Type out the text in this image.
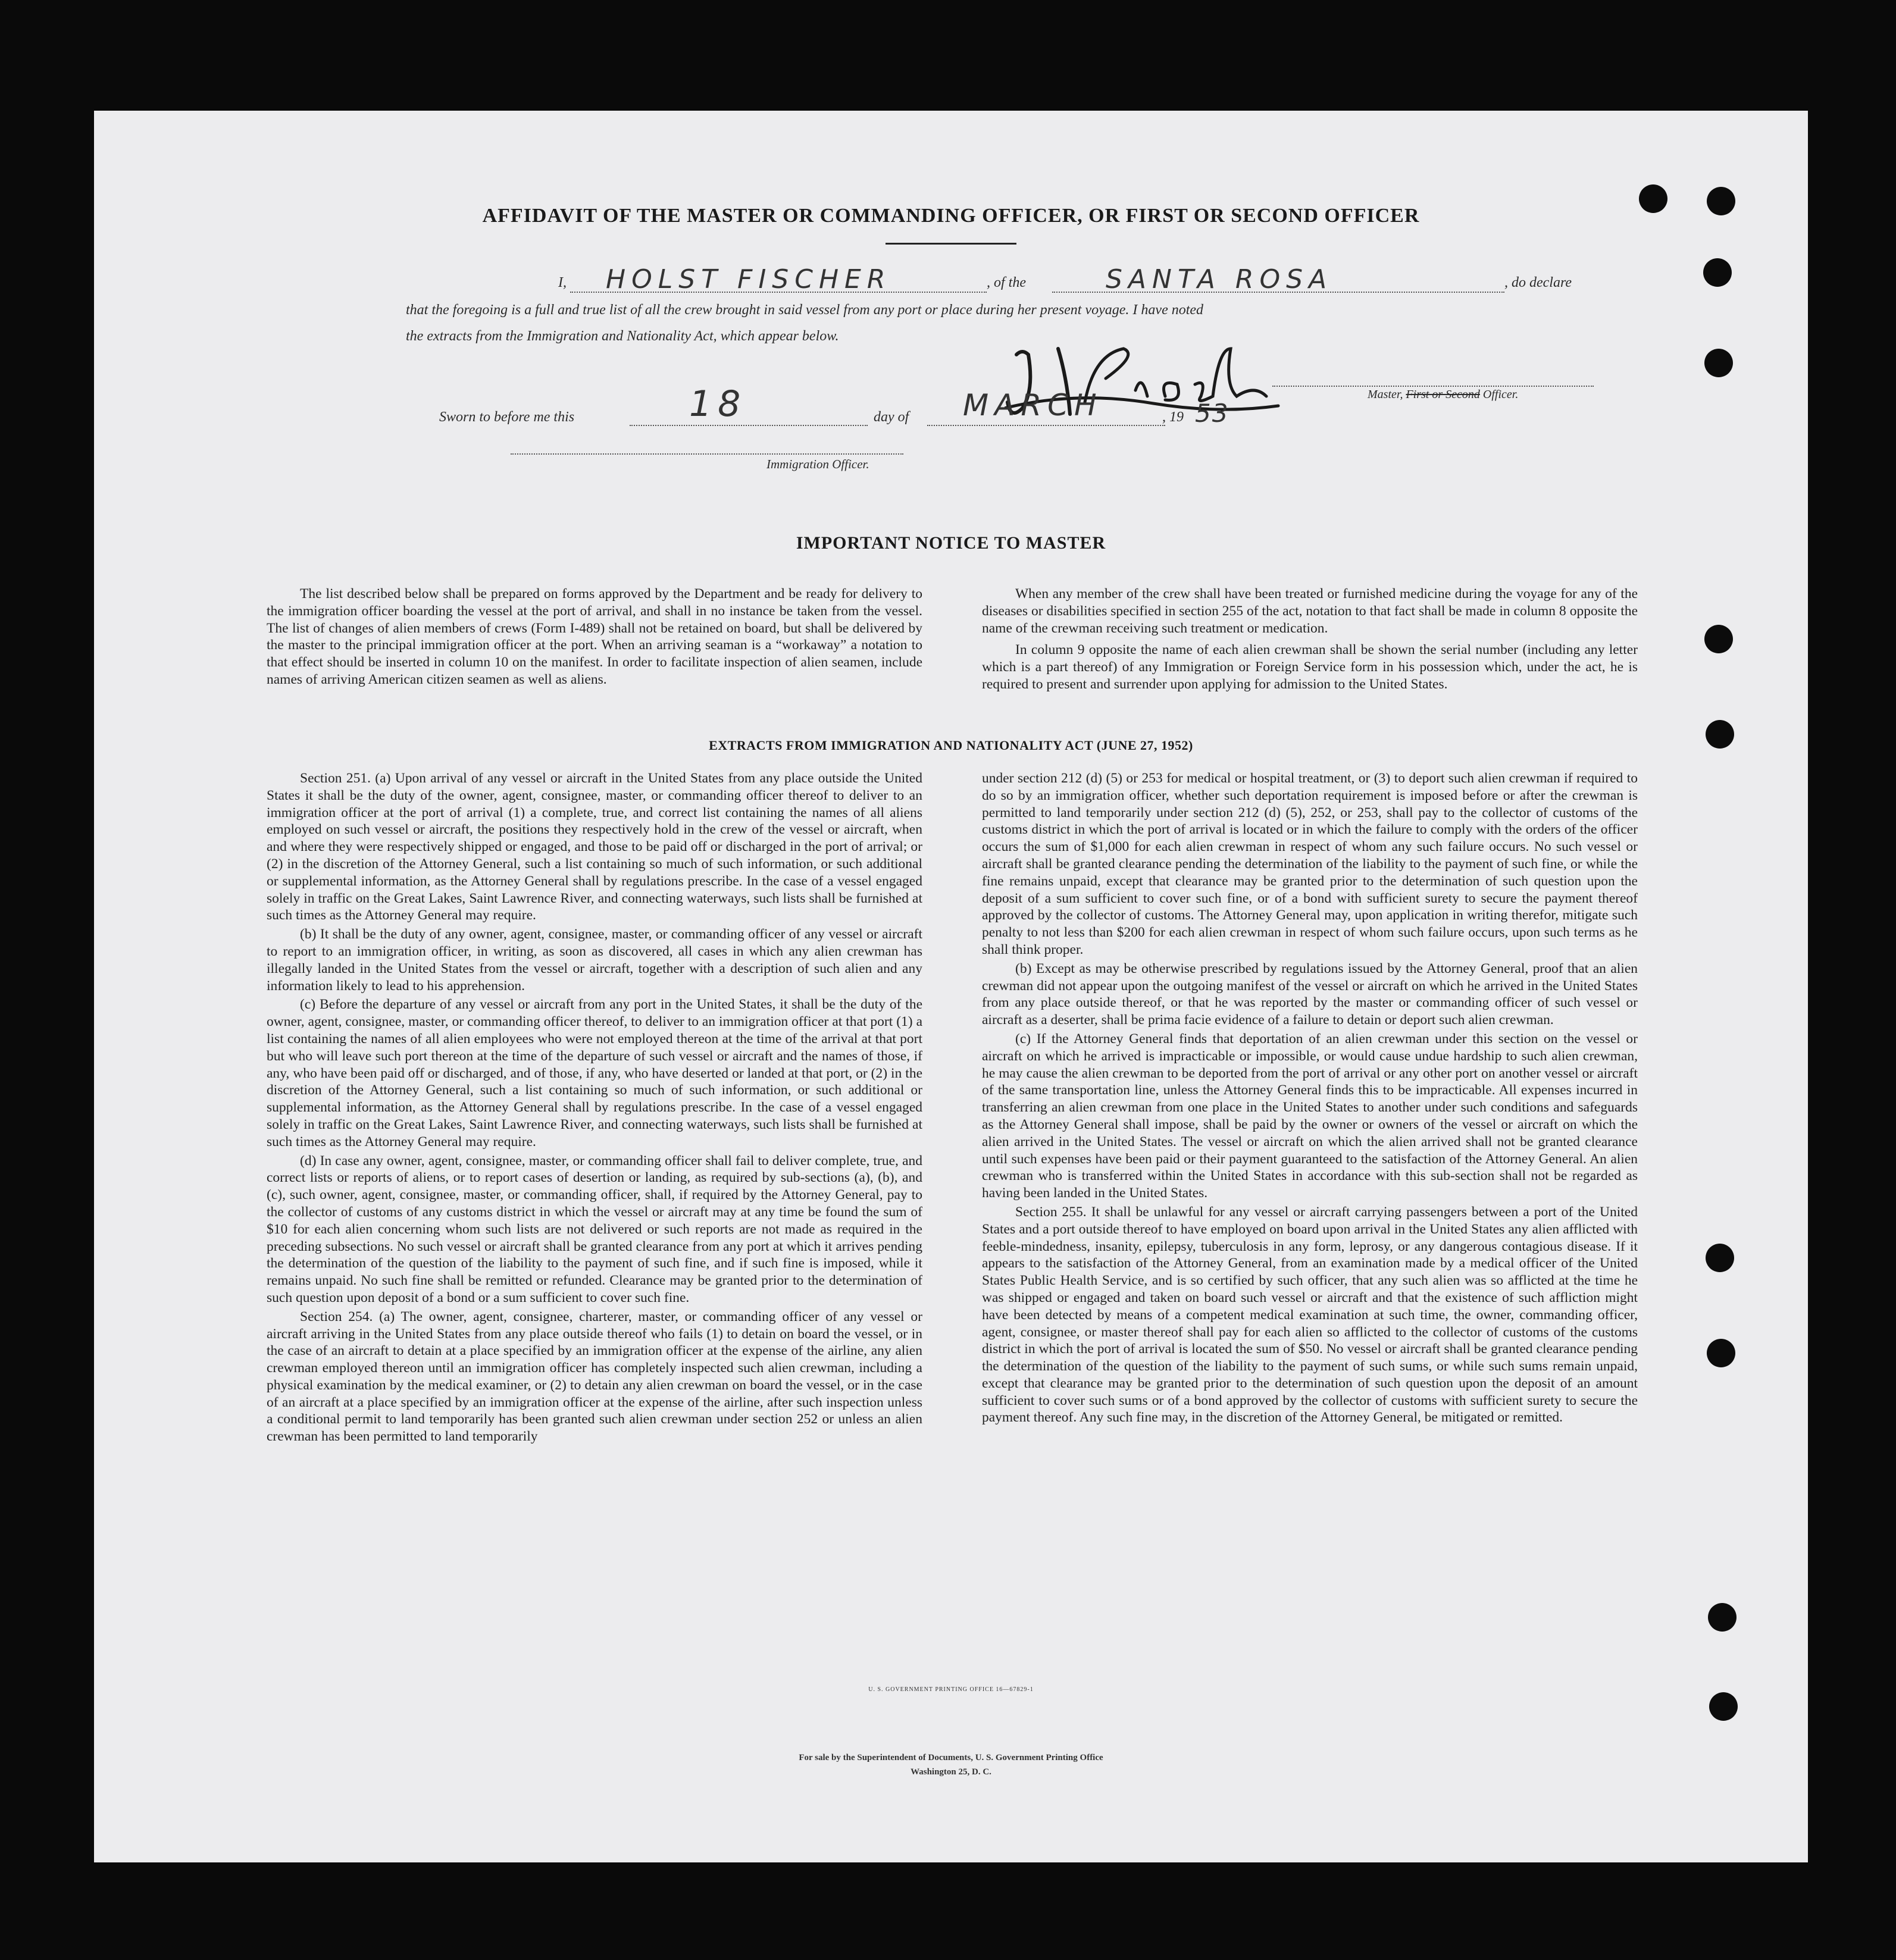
AFFIDAVIT OF THE MASTER OR COMMANDING OFFICER, OR FIRST OR SECOND OFFICER
I, HOLST FISCHER	, of the	SANTA ROSA	, do declare
that the foregoing is a full and true list of all the crew brought in said vessel from any port or place during her present voyage. I have noted
the extracts from the Immigration and Nationality Act, which appear below.
Master, First or Second Officer.
Sworn to before me this	18	day of MARCH	, 19 53
Immigration Officer.
IMPORTANT NOTICE TO MASTER

The list described below shall be prepared on forms approved by the Department and be ready for delivery to the immigration officer boarding the vessel at the port of arrival, and shall in no instance be taken from the vessel. The list of changes of alien members of crews (Form I-489) shall not be retained on board, but shall be delivered by the master to the principal immigration officer at the port. When an arriving seaman is a “workaway” a notation to that effect should be inserted in column 10 on the manifest. In order to facilitate inspection of alien seamen, include names of arriving American citizen seamen as well as aliens.

When any member of the crew shall have been treated or furnished medicine during the voyage for any of the diseases or disabilities specified in section 255 of the act, notation to that fact shall be made in column 8 opposite the name of the crewman receiving such treatment or medication.

In column 9 opposite the name of each alien crewman shall be shown the serial number (including any letter which is a part thereof) of any Immigration or Foreign Service form in his possession which, under the act, he is required to present and surrender upon applying for admission to the United States.

EXTRACTS FROM IMMIGRATION AND NATIONALITY ACT (JUNE 27, 1952)

Section 251. (a) Upon arrival of any vessel or aircraft in the United States from any place outside the United States it shall be the duty of the owner, agent, consignee, master, or commanding officer thereof to deliver to an immigration officer at the port of arrival (1) a complete, true, and correct list containing the names of all aliens employed on such vessel or aircraft, the positions they respectively hold in the crew of the vessel or aircraft, when and where they were respectively shipped or engaged, and those to be paid off or discharged in the port of arrival; or (2) in the discretion of the Attorney General, such a list containing so much of such information, or such additional or supplemental information, as the Attorney General shall by regulations prescribe. In the case of a vessel engaged solely in traffic on the Great Lakes, Saint Lawrence River, and connecting waterways, such lists shall be furnished at such times as the Attorney General may require.

(b) It shall be the duty of any owner, agent, consignee, master, or commanding officer of any vessel or aircraft to report to an immigration officer, in writing, as soon as discovered, all cases in which any alien crewman has illegally landed in the United States from the vessel or aircraft, together with a description of such alien and any information likely to lead to his apprehension.

(c) Before the departure of any vessel or aircraft from any port in the United States, it shall be the duty of the owner, agent, consignee, master, or commanding officer thereof, to deliver to an immigration officer at that port (1) a list containing the names of all alien employees who were not employed thereon at the time of the arrival at that port but who will leave such port thereon at the time of the departure of such vessel or aircraft and the names of those, if any, who have been paid off or discharged, and of those, if any, who have deserted or landed at that port, or (2) in the discretion of the Attorney General, such a list containing so much of such information, or such additional or supplemental information, as the Attorney General shall by regulations prescribe. In the case of a vessel engaged solely in traffic on the Great Lakes, Saint Lawrence River, and connecting waterways, such lists shall be furnished at such times as the Attorney General may require.

(d) In case any owner, agent, consignee, master, or commanding officer shall fail to deliver complete, true, and correct lists or reports of aliens, or to report cases of desertion or landing, as required by sub-sections (a), (b), and (c), such owner, agent, consignee, master, or commanding officer, shall, if required by the Attorney General, pay to the collector of customs of any customs district in which the vessel or aircraft may at any time be found the sum of $10 for each alien concerning whom such lists are not delivered or such reports are not made as required in the preceding subsections. No such vessel or aircraft shall be granted clearance from any port at which it arrives pending the determination of the question of the liability to the payment of such fine, and if such fine is imposed, while it remains unpaid. No such fine shall be remitted or refunded. Clearance may be granted prior to the determination of such question upon deposit of a bond or a sum sufficient to cover such fine.

Section 254. (a) The owner, agent, consignee, charterer, master, or commanding officer of any vessel or aircraft arriving in the United States from any place outside thereof who fails (1) to detain on board the vessel, or in the case of an aircraft to detain at a place specified by an immigration officer at the expense of the airline, any alien crewman employed thereon until an immigration officer has completely inspected such alien crewman, including a physical examination by the medical examiner, or (2) to detain any alien crewman on board the vessel, or in the case of an aircraft at a place specified by an immigration officer at the expense of the airline, after such inspection unless a conditional permit to land temporarily has been granted such alien crewman under section 252 or unless an alien crewman has been permitted to land temporarily

under section 212 (d) (5) or 253 for medical or hospital treatment, or (3) to deport such alien crewman if required to do so by an immigration officer, whether such deportation requirement is imposed before or after the crewman is permitted to land temporarily under section 212 (d) (5), 252, or 253, shall pay to the collector of customs of the customs district in which the port of arrival is located or in which the failure to comply with the orders of the officer occurs the sum of $1,000 for each alien crewman in respect of whom any such failure occurs. No such vessel or aircraft shall be granted clearance pending the determination of the liability to the payment of such fine, or while the fine remains unpaid, except that clearance may be granted prior to the determination of such question upon the deposit of a sum sufficient to cover such fine, or of a bond with sufficient surety to secure the payment thereof approved by the collector of customs. The Attorney General may, upon application in writing therefor, mitigate such penalty to not less than $200 for each alien crewman in respect of whom such failure occurs, upon such terms as he shall think proper.

(b) Except as may be otherwise prescribed by regulations issued by the Attorney General, proof that an alien crewman did not appear upon the outgoing manifest of the vessel or aircraft on which he arrived in the United States from any place outside thereof, or that he was reported by the master or commanding officer of such vessel or aircraft as a deserter, shall be prima facie evidence of a failure to detain or deport such alien crewman.

(c) If the Attorney General finds that deportation of an alien crewman under this section on the vessel or aircraft on which he arrived is impracticable or impossible, or would cause undue hardship to such alien crewman, he may cause the alien crewman to be deported from the port of arrival or any other port on another vessel or aircraft of the same transportation line, unless the Attorney General finds this to be impracticable. All expenses incurred in transferring an alien crewman from one place in the United States to another under such conditions and safeguards as the Attorney General shall impose, shall be paid by the owner or owners of the vessel or aircraft on which the alien arrived in the United States. The vessel or aircraft on which the alien arrived shall not be granted clearance until such expenses have been paid or their payment guaranteed to the satisfaction of the Attorney General. An alien crewman who is transferred within the United States in accordance with this sub-section shall not be regarded as having been landed in the United States.

Section 255. It shall be unlawful for any vessel or aircraft carrying passengers between a port of the United States and a port outside thereof to have employed on board upon arrival in the United States any alien afflicted with feeble-mindedness, insanity, epilepsy, tuberculosis in any form, leprosy, or any dangerous contagious disease. If it appears to the satisfaction of the Attorney General, from an examination made by a medical officer of the United States Public Health Service, and is so certified by such officer, that any such alien was so afflicted at the time he was shipped or engaged and taken on board such vessel or aircraft and that the existence of such affliction might have been detected by means of a competent medical examination at such time, the owner, commanding officer, agent, consignee, or master thereof shall pay for each alien so afflicted to the collector of customs of the customs district in which the port of arrival is located the sum of $50. No vessel or aircraft shall be granted clearance pending the determination of the question of the liability to the payment of such sums, or while such sums remain unpaid, except that clearance may be granted prior to the determination of such question upon the deposit of an amount sufficient to cover such sums or of a bond approved by the collector of customs with sufficient surety to secure the payment thereof. Any such fine may, in the discretion of the Attorney General, be mitigated or remitted.

U. S. GOVERNMENT PRINTING OFFICE 16—67829-1
For sale by the Superintendent of Documents, U. S. Government Printing Office
Washington 25, D. C.
